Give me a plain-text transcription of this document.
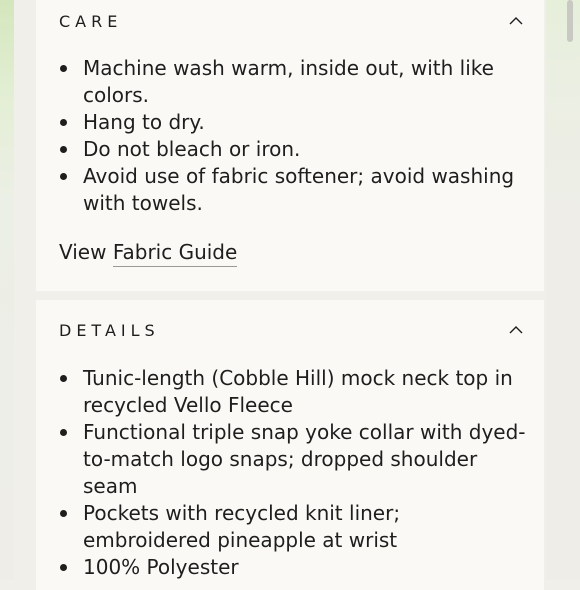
CARE
Machine wash warm, inside out, with like colors.
Hang to dry.
Do not bleach or iron.
Avoid use of fabric softener; avoid washing with towels.
View Fabric Guide
DETAILS
Tunic-length (Cobble Hill) mock neck top in recycled Vello Fleece
Functional triple snap yoke collar with dyed-to-match logo snaps; dropped shoulder seam
Pockets with recycled knit liner; embroidered pineapple at wrist
100% Polyester
